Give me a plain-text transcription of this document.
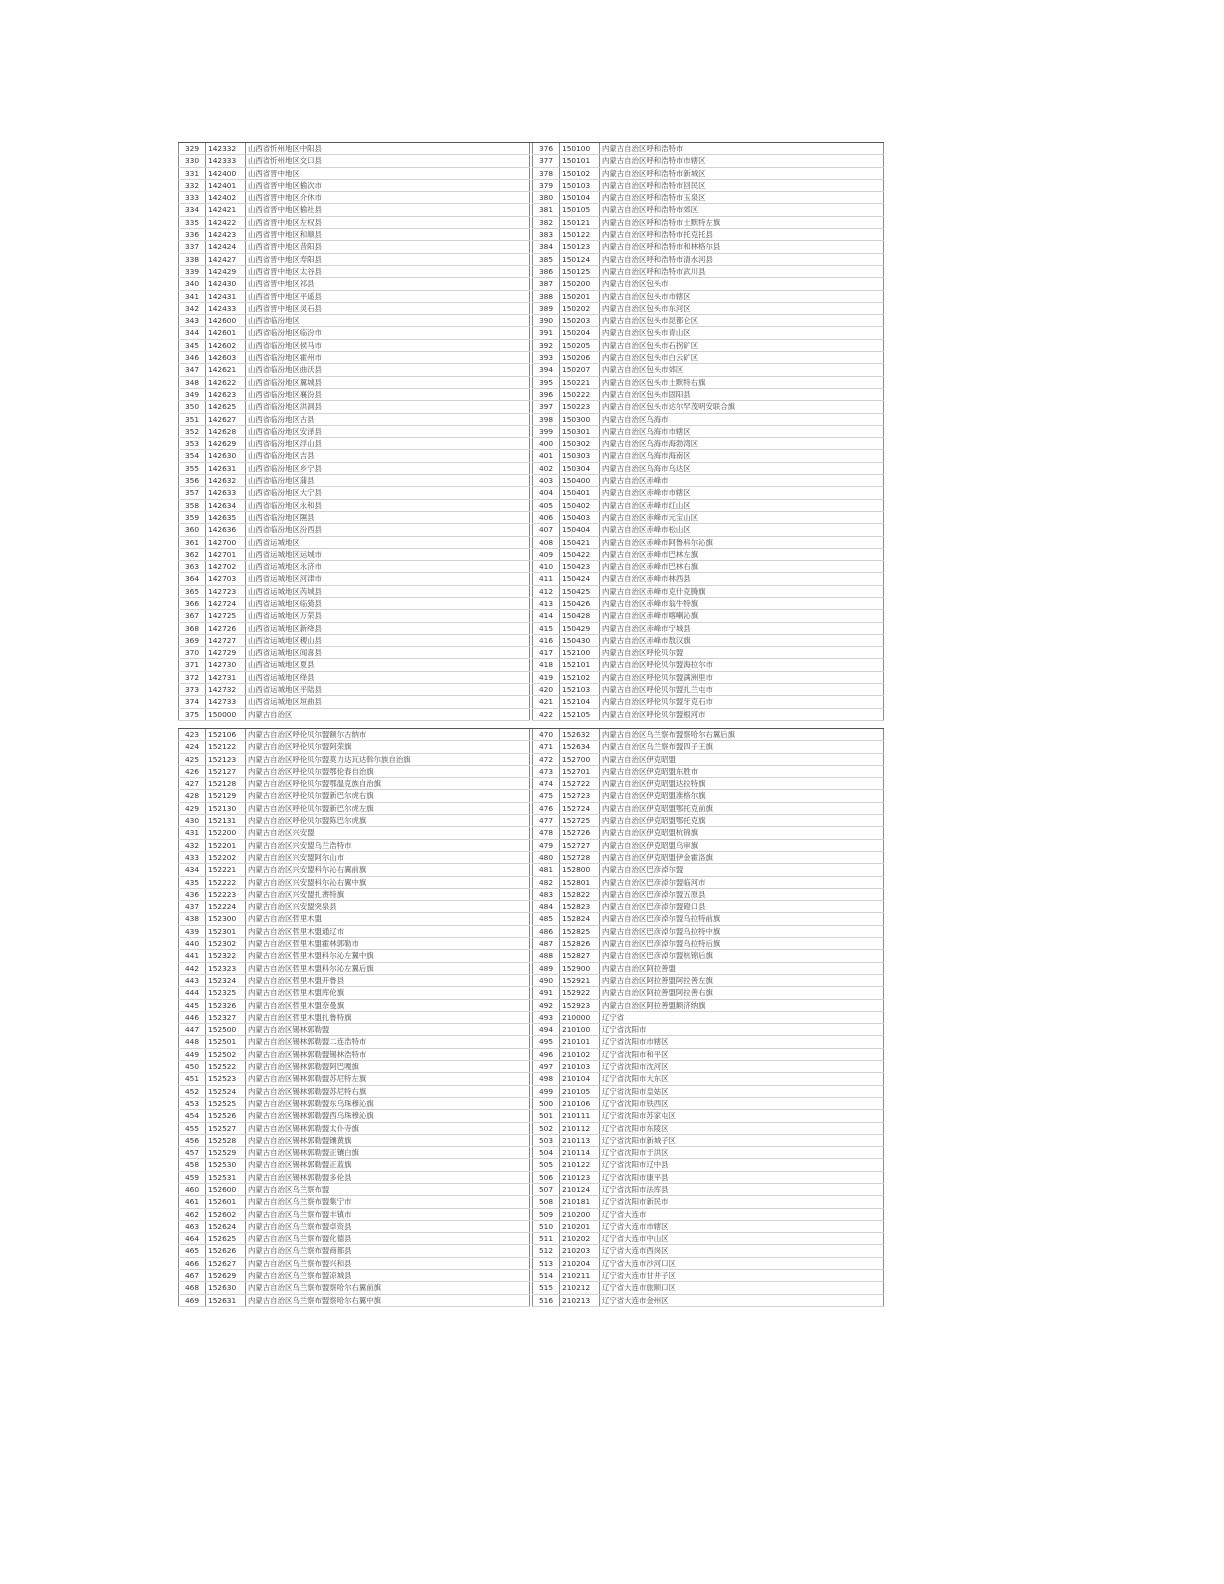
329	142332	山西省忻州地区中阳县
330	142333	山西省忻州地区交口县
331	142400	山西省晋中地区
332	142401	山西省晋中地区榆次市
333	142402	山西省晋中地区介休市
334	142421	山西省晋中地区榆社县
335	142422	山西省晋中地区左权县
336	142423	山西省晋中地区和顺县
337	142424	山西省晋中地区昔阳县
338	142427	山西省晋中地区寿阳县
339	142429	山西省晋中地区太谷县
340	142430	山西省晋中地区祁县
341	142431	山西省晋中地区平遥县
342	142433	山西省晋中地区灵石县
343	142600	山西省临汾地区
344	142601	山西省临汾地区临汾市
345	142602	山西省临汾地区侯马市
346	142603	山西省临汾地区霍州市
347	142621	山西省临汾地区曲沃县
348	142622	山西省临汾地区翼城县
349	142623	山西省临汾地区襄汾县
350	142625	山西省临汾地区洪洞县
351	142627	山西省临汾地区古县
352	142628	山西省临汾地区安泽县
353	142629	山西省临汾地区浮山县
354	142630	山西省临汾地区吉县
355	142631	山西省临汾地区乡宁县
356	142632	山西省临汾地区蒲县
357	142633	山西省临汾地区大宁县
358	142634	山西省临汾地区永和县
359	142635	山西省临汾地区隰县
360	142636	山西省临汾地区汾西县
361	142700	山西省运城地区
362	142701	山西省运城地区运城市
363	142702	山西省运城地区永济市
364	142703	山西省运城地区河津市
365	142723	山西省运城地区芮城县
366	142724	山西省运城地区临猗县
367	142725	山西省运城地区万荣县
368	142726	山西省运城地区新绛县
369	142727	山西省运城地区稷山县
370	142729	山西省运城地区闻喜县
371	142730	山西省运城地区夏县
372	142731	山西省运城地区绛县
373	142732	山西省运城地区平陆县
374	142733	山西省运城地区垣曲县
375	150000	内蒙古自治区
376	150100	内蒙古自治区呼和浩特市
377	150101	内蒙古自治区呼和浩特市市辖区
378	150102	内蒙古自治区呼和浩特市新城区
379	150103	内蒙古自治区呼和浩特市回民区
380	150104	内蒙古自治区呼和浩特市玉泉区
381	150105	内蒙古自治区呼和浩特市郊区
382	150121	内蒙古自治区呼和浩特市土默特左旗
383	150122	内蒙古自治区呼和浩特市托克托县
384	150123	内蒙古自治区呼和浩特市和林格尔县
385	150124	内蒙古自治区呼和浩特市清水河县
386	150125	内蒙古自治区呼和浩特市武川县
387	150200	内蒙古自治区包头市
388	150201	内蒙古自治区包头市市辖区
389	150202	内蒙古自治区包头市东河区
390	150203	内蒙古自治区包头市昆都仑区
391	150204	内蒙古自治区包头市青山区
392	150205	内蒙古自治区包头市石拐矿区
393	150206	内蒙古自治区包头市白云矿区
394	150207	内蒙古自治区包头市郊区
395	150221	内蒙古自治区包头市土默特右旗
396	150222	内蒙古自治区包头市固阳县
397	150223	内蒙古自治区包头市达尔罕茂明安联合旗
398	150300	内蒙古自治区乌海市
399	150301	内蒙古自治区乌海市市辖区
400	150302	内蒙古自治区乌海市海勃湾区
401	150303	内蒙古自治区乌海市海南区
402	150304	内蒙古自治区乌海市乌达区
403	150400	内蒙古自治区赤峰市
404	150401	内蒙古自治区赤峰市市辖区
405	150402	内蒙古自治区赤峰市红山区
406	150403	内蒙古自治区赤峰市元宝山区
407	150404	内蒙古自治区赤峰市松山区
408	150421	内蒙古自治区赤峰市阿鲁科尔沁旗
409	150422	内蒙古自治区赤峰市巴林左旗
410	150423	内蒙古自治区赤峰市巴林右旗
411	150424	内蒙古自治区赤峰市林西县
412	150425	内蒙古自治区赤峰市克什克腾旗
413	150426	内蒙古自治区赤峰市翁牛特旗
414	150428	内蒙古自治区赤峰市喀喇沁旗
415	150429	内蒙古自治区赤峰市宁城县
416	150430	内蒙古自治区赤峰市敖汉旗
417	152100	内蒙古自治区呼伦贝尔盟
418	152101	内蒙古自治区呼伦贝尔盟海拉尔市
419	152102	内蒙古自治区呼伦贝尔盟满洲里市
420	152103	内蒙古自治区呼伦贝尔盟扎兰屯市
421	152104	内蒙古自治区呼伦贝尔盟牙克石市
422	152105	内蒙古自治区呼伦贝尔盟根河市
423	152106	内蒙古自治区呼伦贝尔盟额尔古纳市
424	152122	内蒙古自治区呼伦贝尔盟阿荣旗
425	152123	内蒙古自治区呼伦贝尔盟莫力达瓦达斡尔族自治旗
426	152127	内蒙古自治区呼伦贝尔盟鄂伦春自治旗
427	152128	内蒙古自治区呼伦贝尔盟鄂温克族自治旗
428	152129	内蒙古自治区呼伦贝尔盟新巴尔虎右旗
429	152130	内蒙古自治区呼伦贝尔盟新巴尔虎左旗
430	152131	内蒙古自治区呼伦贝尔盟陈巴尔虎旗
431	152200	内蒙古自治区兴安盟
432	152201	内蒙古自治区兴安盟乌兰浩特市
433	152202	内蒙古自治区兴安盟阿尔山市
434	152221	内蒙古自治区兴安盟科尔沁右翼前旗
435	152222	内蒙古自治区兴安盟科尔沁右翼中旗
436	152223	内蒙古自治区兴安盟扎赉特旗
437	152224	内蒙古自治区兴安盟突泉县
438	152300	内蒙古自治区哲里木盟
439	152301	内蒙古自治区哲里木盟通辽市
440	152302	内蒙古自治区哲里木盟霍林郭勒市
441	152322	内蒙古自治区哲里木盟科尔沁左翼中旗
442	152323	内蒙古自治区哲里木盟科尔沁左翼后旗
443	152324	内蒙古自治区哲里木盟开鲁县
444	152325	内蒙古自治区哲里木盟库伦旗
445	152326	内蒙古自治区哲里木盟奈曼旗
446	152327	内蒙古自治区哲里木盟扎鲁特旗
447	152500	内蒙古自治区锡林郭勒盟
448	152501	内蒙古自治区锡林郭勒盟二连浩特市
449	152502	内蒙古自治区锡林郭勒盟锡林浩特市
450	152522	内蒙古自治区锡林郭勒盟阿巴嘎旗
451	152523	内蒙古自治区锡林郭勒盟苏尼特左旗
452	152524	内蒙古自治区锡林郭勒盟苏尼特右旗
453	152525	内蒙古自治区锡林郭勒盟东乌珠穆沁旗
454	152526	内蒙古自治区锡林郭勒盟西乌珠穆沁旗
455	152527	内蒙古自治区锡林郭勒盟太仆寺旗
456	152528	内蒙古自治区锡林郭勒盟镶黄旗
457	152529	内蒙古自治区锡林郭勒盟正镶白旗
458	152530	内蒙古自治区锡林郭勒盟正蓝旗
459	152531	内蒙古自治区锡林郭勒盟多伦县
460	152600	内蒙古自治区乌兰察布盟
461	152601	内蒙古自治区乌兰察布盟集宁市
462	152602	内蒙古自治区乌兰察布盟丰镇市
463	152624	内蒙古自治区乌兰察布盟卓资县
464	152625	内蒙古自治区乌兰察布盟化德县
465	152626	内蒙古自治区乌兰察布盟商都县
466	152627	内蒙古自治区乌兰察布盟兴和县
467	152629	内蒙古自治区乌兰察布盟凉城县
468	152630	内蒙古自治区乌兰察布盟察哈尔右翼前旗
469	152631	内蒙古自治区乌兰察布盟察哈尔右翼中旗
470	152632	内蒙古自治区乌兰察布盟察哈尔右翼后旗
471	152634	内蒙古自治区乌兰察布盟四子王旗
472	152700	内蒙古自治区伊克昭盟
473	152701	内蒙古自治区伊克昭盟东胜市
474	152722	内蒙古自治区伊克昭盟达拉特旗
475	152723	内蒙古自治区伊克昭盟准格尔旗
476	152724	内蒙古自治区伊克昭盟鄂托克前旗
477	152725	内蒙古自治区伊克昭盟鄂托克旗
478	152726	内蒙古自治区伊克昭盟杭锦旗
479	152727	内蒙古自治区伊克昭盟乌审旗
480	152728	内蒙古自治区伊克昭盟伊金霍洛旗
481	152800	内蒙古自治区巴彦淖尔盟
482	152801	内蒙古自治区巴彦淖尔盟临河市
483	152822	内蒙古自治区巴彦淖尔盟五原县
484	152823	内蒙古自治区巴彦淖尔盟磴口县
485	152824	内蒙古自治区巴彦淖尔盟乌拉特前旗
486	152825	内蒙古自治区巴彦淖尔盟乌拉特中旗
487	152826	内蒙古自治区巴彦淖尔盟乌拉特后旗
488	152827	内蒙古自治区巴彦淖尔盟杭锦后旗
489	152900	内蒙古自治区阿拉善盟
490	152921	内蒙古自治区阿拉善盟阿拉善左旗
491	152922	内蒙古自治区阿拉善盟阿拉善右旗
492	152923	内蒙古自治区阿拉善盟额济纳旗
493	210000	辽宁省
494	210100	辽宁省沈阳市
495	210101	辽宁省沈阳市市辖区
496	210102	辽宁省沈阳市和平区
497	210103	辽宁省沈阳市沈河区
498	210104	辽宁省沈阳市大东区
499	210105	辽宁省沈阳市皇姑区
500	210106	辽宁省沈阳市铁西区
501	210111	辽宁省沈阳市苏家屯区
502	210112	辽宁省沈阳市东陵区
503	210113	辽宁省沈阳市新城子区
504	210114	辽宁省沈阳市于洪区
505	210122	辽宁省沈阳市辽中县
506	210123	辽宁省沈阳市康平县
507	210124	辽宁省沈阳市法库县
508	210181	辽宁省沈阳市新民市
509	210200	辽宁省大连市
510	210201	辽宁省大连市市辖区
511	210202	辽宁省大连市中山区
512	210203	辽宁省大连市西岗区
513	210204	辽宁省大连市沙河口区
514	210211	辽宁省大连市甘井子区
515	210212	辽宁省大连市旅顺口区
516	210213	辽宁省大连市金州区
